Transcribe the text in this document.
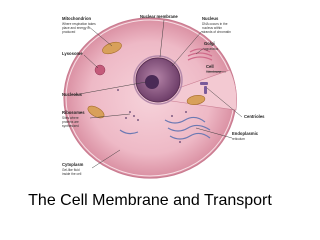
Mitochondrion Where respiration takes place and energy is produced
Nuclear membrane	Nucleus DNA occurs in the nucleus within strands of chromatin
Lysosome
Golgi apparatus
Cell membrane
Nucleolus
Ribosomes Sites where proteins are synthesized
Centrioles
Endoplasmic reticulum
Cytoplasm Gel-like fluid inside the cell
The Cell Membrane and Transport
